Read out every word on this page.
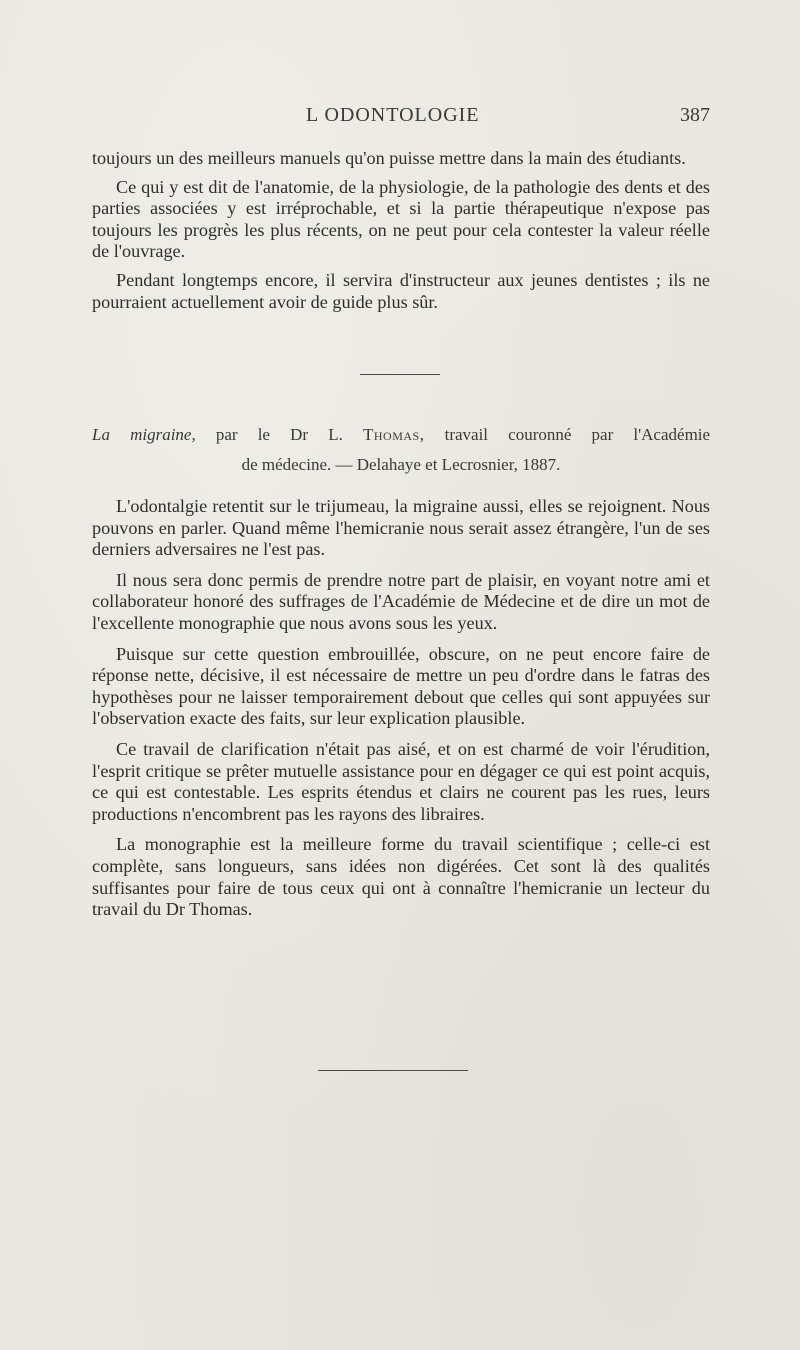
L ODONTOLOGIE	387

toujours un des meilleurs manuels qu'on puisse mettre dans la main des étudiants.

Ce qui y est dit de l'anatomie, de la physiologie, de la pathologie des dents et des parties associées y est irréprochable, et si la partie thérapeutique n'expose pas toujours les progrès les plus récents, on ne peut pour cela contester la valeur réelle de l'ouvrage.

Pendant longtemps encore, il servira d'instructeur aux jeunes dentistes ; ils ne pourraient actuellement avoir de guide plus sûr.

La migraine, par le Dr L. Thomas, travail couronné par l'Académie
de médecine. — Delahaye et Lecrosnier, 1887.

L'odontalgie retentit sur le trijumeau, la migraine aussi, elles se rejoignent. Nous pouvons en parler. Quand même l'hemicranie nous serait assez étrangère, l'un de ses derniers adversaires ne l'est pas.

Il nous sera donc permis de prendre notre part de plaisir, en voyant notre ami et collaborateur honoré des suffrages de l'Académie de Médecine et de dire un mot de l'excellente monographie que nous avons sous les yeux.

Puisque sur cette question embrouillée, obscure, on ne peut encore faire de réponse nette, décisive, il est nécessaire de mettre un peu d'ordre dans le fatras des hypothèses pour ne laisser temporairement debout que celles qui sont appuyées sur l'observation exacte des faits, sur leur explication plausible.

Ce travail de clarification n'était pas aisé, et on est charmé de voir l'érudition, l'esprit critique se prêter mutuelle assistance pour en dégager ce qui est point acquis, ce qui est contestable. Les esprits étendus et clairs ne courent pas les rues, leurs productions n'encombrent pas les rayons des libraires.

La monographie est la meilleure forme du travail scientifique ; celle-ci est complète, sans longueurs, sans idées non digérées. Cet sont là des qualités suffisantes pour faire de tous ceux qui ont à connaître l'hemicranie un lecteur du travail du Dr Thomas.
